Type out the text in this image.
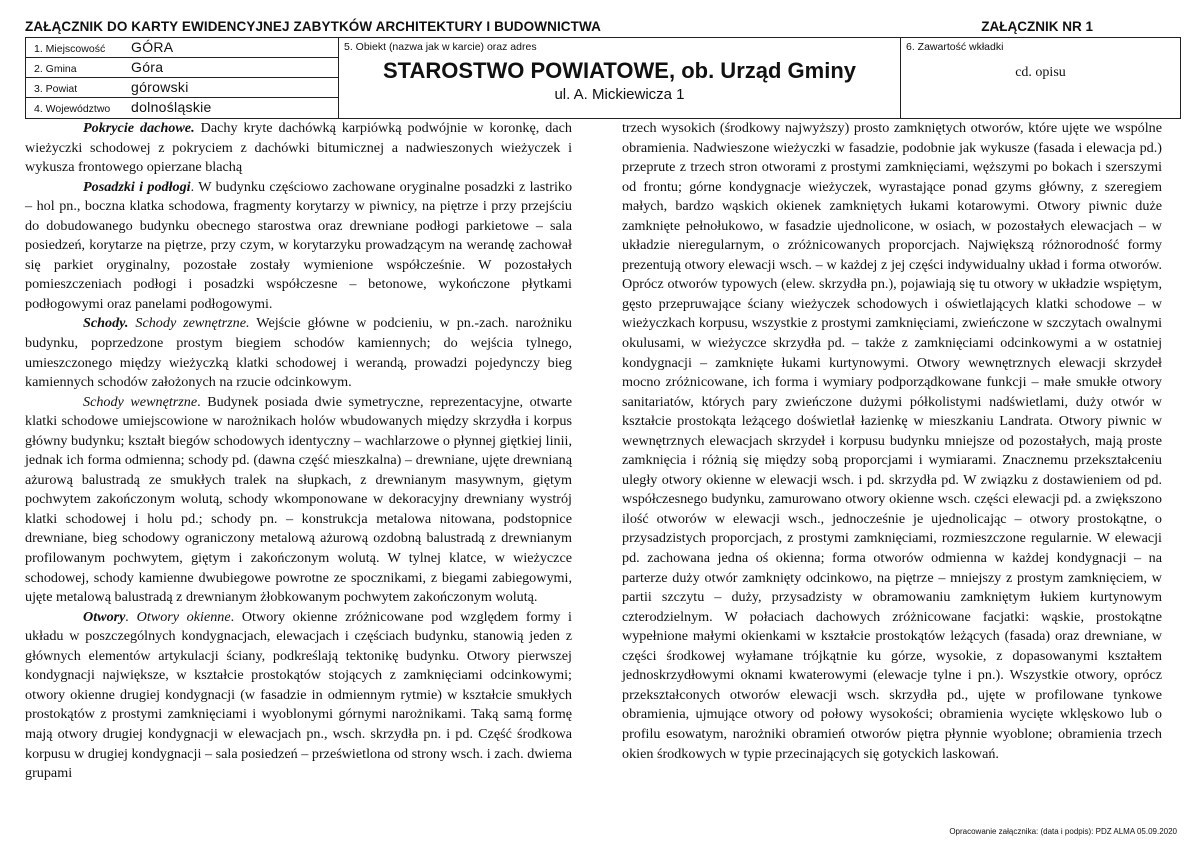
ZAŁĄCZNIK DO KARTY EWIDENCYJNEJ ZABYTKÓW ARCHITEKTURY I BUDOWNICTWA	ZAŁĄCZNIK NR 1
1. Miejscowość GÓRA
2. Gmina	Góra
3. Powiat	górowski
4. Województwo dolnośląskie
5. Obiekt (nazwa jak w karcie) oraz adres
STAROSTWO POWIATOWE, ob. Urząd Gminy
ul. A. Mickiewicza 1
6. Zawartość wkładki
cd. opisu

Pokrycie dachowe. Dachy kryte dachówką karpiówką podwójnie w koronkę, dach wieżyczki schodowej z pokryciem z dachówki bitumicznej a nadwieszonych wieżyczek i wykusza frontowego opierzane blachą

Posadzki i podłogi. W budynku częściowo zachowane oryginalne posadzki z lastriko – hol pn., boczna klatka schodowa, fragmenty korytarzy w piwnicy, na piętrze i przy przejściu do dobudowanego budynku obecnego starostwa oraz drewniane podłogi parkietowe – sala posiedzeń, korytarze na piętrze, przy czym, w korytarzyku prowadzącym na werandę zachował się parkiet oryginalny, pozostałe zostały wymienione współcześnie. W pozostałych pomieszczeniach podłogi i posadzki współczesne – betonowe, wykończone płytkami podłogowymi oraz panelami podłogowymi.

Schody. Schody zewnętrzne. Wejście główne w podcieniu, w pn.-zach. narożniku budynku, poprzedzone prostym biegiem schodów kamiennych; do wejścia tylnego, umieszczonego między wieżyczką klatki schodowej i werandą, prowadzi pojedynczy bieg kamiennych schodów założonych na rzucie odcinkowym.

Schody wewnętrzne. Budynek posiada dwie symetryczne, reprezentacyjne, otwarte klatki schodowe umiejscowione w narożnikach holów wbudowanych między skrzydła i korpus główny budynku; kształt biegów schodowych identyczny – wachlarzowe o płynnej giętkiej linii, jednak ich forma odmienna; schody pd. (dawna część mieszkalna) – drewniane, ujęte drewnianą ażurową balustradą ze smukłych tralek na słupkach, z drewnianym masywnym, giętym pochwytem zakończonym wolutą, schody wkomponowane w dekoracyjny drewniany wystrój klatki schodowej i holu pd.; schody pn. – konstrukcja metalowa nitowana, podstopnice drewniane, bieg schodowy ograniczony metalową ażurową ozdobną balustradą z drewnianym profilowanym pochwytem, giętym i zakończonym wolutą. W tylnej klatce, w wieżyczce schodowej, schody kamienne dwubiegowe powrotne ze spocznikami, z biegami zabiegowymi, ujęte metalową balustradą z drewnianym żłobkowanym pochwytem zakończonym wolutą.

Otwory. Otwory okienne. Otwory okienne zróżnicowane pod względem formy i układu w poszczególnych kondygnacjach, elewacjach i częściach budynku, stanowią jeden z głównych elementów artykulacji ściany, podkreślają tektonikę budynku. Otwory pierwszej kondygnacji największe, w kształcie prostokątów stojących z zamknięciami odcinkowymi; otwory okienne drugiej kondygnacji (w fasadzie in odmiennym rytmie) w kształcie smukłych prostokątów z prostymi zamknięciami i wyoblonymi górnymi narożnikami. Taką samą formę mają otwory drugiej kondygnacji w elewacjach pn., wsch. skrzydła pn. i pd. Część środkowa korpusu w drugiej kondygnacji – sala posiedzeń – prześwietlona od strony wsch. i zach. dwiema grupami

trzech wysokich (środkowy najwyższy) prosto zamkniętych otworów, które ujęte we wspólne obramienia. Nadwieszone wieżyczki w fasadzie, podobnie jak wykusze (fasada i elewacja pd.) przeprute z trzech stron otworami z prostymi zamknięciami, węższymi po bokach i szerszymi od frontu; górne kondygnacje wieżyczek, wyrastające ponad gzyms główny, z szeregiem małych, bardzo wąskich okienek zamkniętych łukami kotarowymi. Otwory piwnic duże zamknięte pełnołukowo, w fasadzie ujednolicone, w osiach, w pozostałych elewacjach – w układzie nieregularnym, o zróżnicowanych proporcjach. Największą różnorodność formy prezentują otwory elewacji wsch. – w każdej z jej części indywidualny układ i forma otworów. Oprócz otworów typowych (elew. skrzydła pn.), pojawiają się tu otwory w układzie wspiętym, gęsto przepruwające ściany wieżyczek schodowych i oświetlających klatki schodowe – w wieżyczkach korpusu, wszystkie z prostymi zamknięciami, zwieńczone w szczytach owalnymi okulusami, w wieżyczce skrzydła pd. – także z zamknięciami odcinkowymi a w ostatniej kondygnacji – zamknięte łukami kurtynowymi. Otwory wewnętrznych elewacji skrzydeł mocno zróżnicowane, ich forma i wymiary podporządkowane funkcji – małe smukłe otwory sanitariatów, których pary zwieńczone dużymi półkolistymi nadświetlami, duży otwór w kształcie prostokąta leżącego doświetlał łazienkę w mieszkaniu Landrata. Otwory piwnic w wewnętrznych elewacjach skrzydeł i korpusu budynku mniejsze od pozostałych, mają proste zamknięcia i różnią się między sobą proporcjami i wymiarami. Znacznemu przekształceniu uległy otwory okienne w elewacji wsch. i pd. skrzydła pd. W związku z dostawieniem od pd. współczesnego budynku, zamurowano otwory okienne wsch. części elewacji pd. a zwiększono ilość otworów w elewacji wsch., jednocześnie je ujednolicając – otwory prostokątne, o przysadzistych proporcjach, z prostymi zamknięciami, rozmieszczone regularnie. W elewacji pd. zachowana jedna oś okienna; forma otworów odmienna w każdej kondygnacji – na parterze duży otwór zamknięty odcinkowo, na piętrze – mniejszy z prostym zamknięciem, w partii szczytu – duży, przysadzisty w obramowaniu zamkniętym łukiem kurtynowym czterodzielnym. W połaciach dachowych zróżnicowane facjatki: wąskie, prostokątne wypełnione małymi okienkami w kształcie prostokątów leżących (fasada) oraz drewniane, w części środkowej wyłamane trójkątnie ku górze, wysokie, z dopasowanymi kształtem jednoskrzydłowymi oknami kwaterowymi (elewacje tylne i pn.). Wszystkie otwory, oprócz przekształconych otworów elewacji wsch. skrzydła pd., ujęte w profilowane tynkowe obramienia, ujmujące otwory od połowy wysokości; obramienia wycięte wklęskowo lub o profilu esowatym, narożniki obramień otworów piętra płynnie wyoblone; obramienia trzech okien środkowych w typie przecinających się gotyckich laskowań.

Opracowanie załącznika: (data i podpis): PDZ ALMA 05.09.2020
